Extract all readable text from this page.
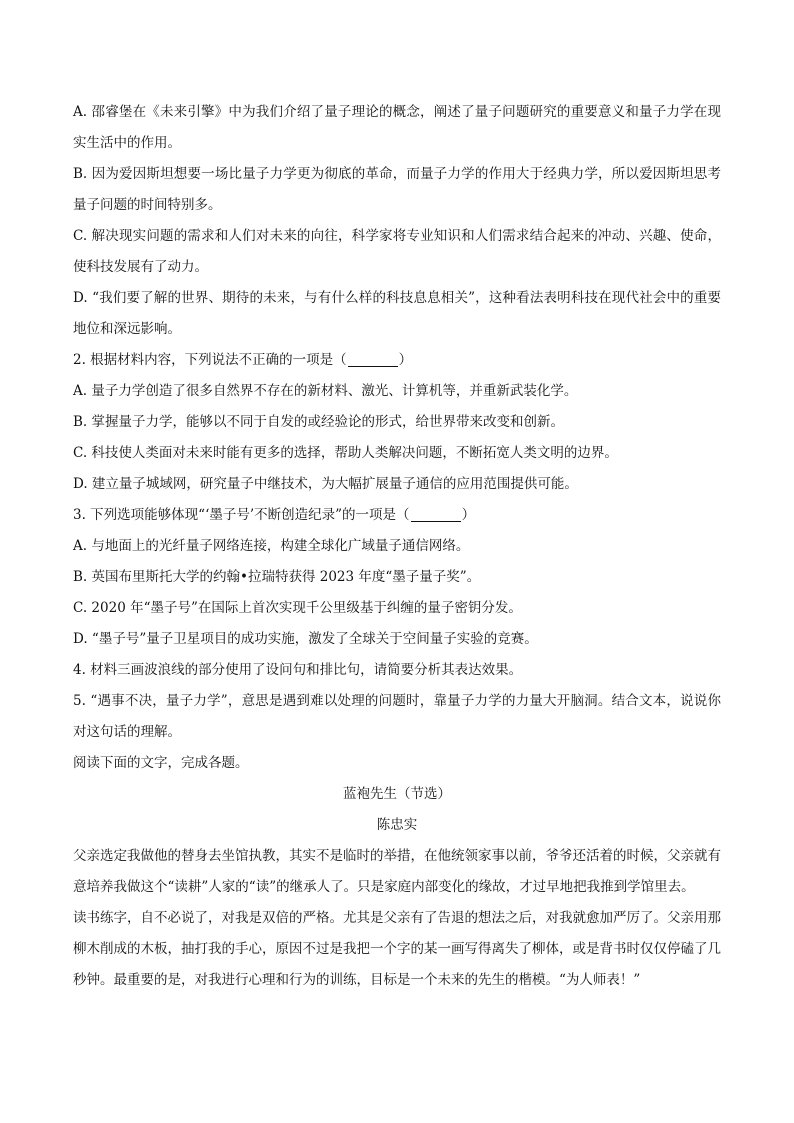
A. 邵睿堡在《未来引擎》中为我们介绍了量子理论的概念，阐述了量子问题研究的重要意义和量子力学在现实生活中的作用。

B. 因为爱因斯坦想要一场比量子力学更为彻底的革命，而量子力学的作用大于经典力学，所以爱因斯坦思考量子问题的时间特别多。

C. 解决现实问题的需求和人们对未来的向往，科学家将专业知识和人们需求结合起来的冲动、兴趣、使命，使科技发展有了动力。

D. “我们要了解的世界、期待的未来，与有什么样的科技息息相关”，这种看法表明科技在现代社会中的重要地位和深远影响。

2. 根据材料内容，下列说法不正确的一项是（	）

A. 量子力学创造了很多自然界不存在的新材料、激光、计算机等，并重新武装化学。

B. 掌握量子力学，能够以不同于自发的或经验论的形式，给世界带来改变和创新。

C. 科技使人类面对未来时能有更多的选择，帮助人类解决问题，不断拓宽人类文明的边界。

D. 建立量子城域网，研究量子中继技术，为大幅扩展量子通信的应用范围提供可能。

3. 下列选项能够体现“‘墨子号’不断创造纪录”的一项是（	）

A. 与地面上的光纤量子网络连接，构建全球化广域量子通信网络。

B. 英国布里斯托大学的约翰•拉瑞特获得 2023 年度“墨子量子奖”。

C. 2020 年“墨子号”在国际上首次实现千公里级基于纠缠的量子密钥分发。

D. “墨子号”量子卫星项目的成功实施，激发了全球关于空间量子实验的竞赛。

4. 材料三画波浪线的部分使用了设问句和排比句，请简要分析其表达效果。

5. “遇事不决，量子力学”，意思是遇到难以处理的问题时，靠量子力学的力量大开脑洞。结合文本，说说你对这句话的理解。

阅读下面的文字，完成各题。

蓝袍先生（节选）

陈忠实

父亲选定我做他的替身去坐馆执教，其实不是临时的举措，在他统领家事以前，爷爷还活着的时候，父亲就有意培养我做这个“读耕”人家的“读”的继承人了。只是家庭内部变化的缘故，才过早地把我推到学馆里去。

读书练字，自不必说了，对我是双倍的严格。尤其是父亲有了告退的想法之后，对我就愈加严厉了。父亲用那柳木削成的木板，抽打我的手心，原因不过是我把一个字的某一画写得离失了柳体，或是背书时仅仅停磕了几秒钟。最重要的是，对我进行心理和行为的训练，目标是一个未来的先生的楷模。“为人师表！”
